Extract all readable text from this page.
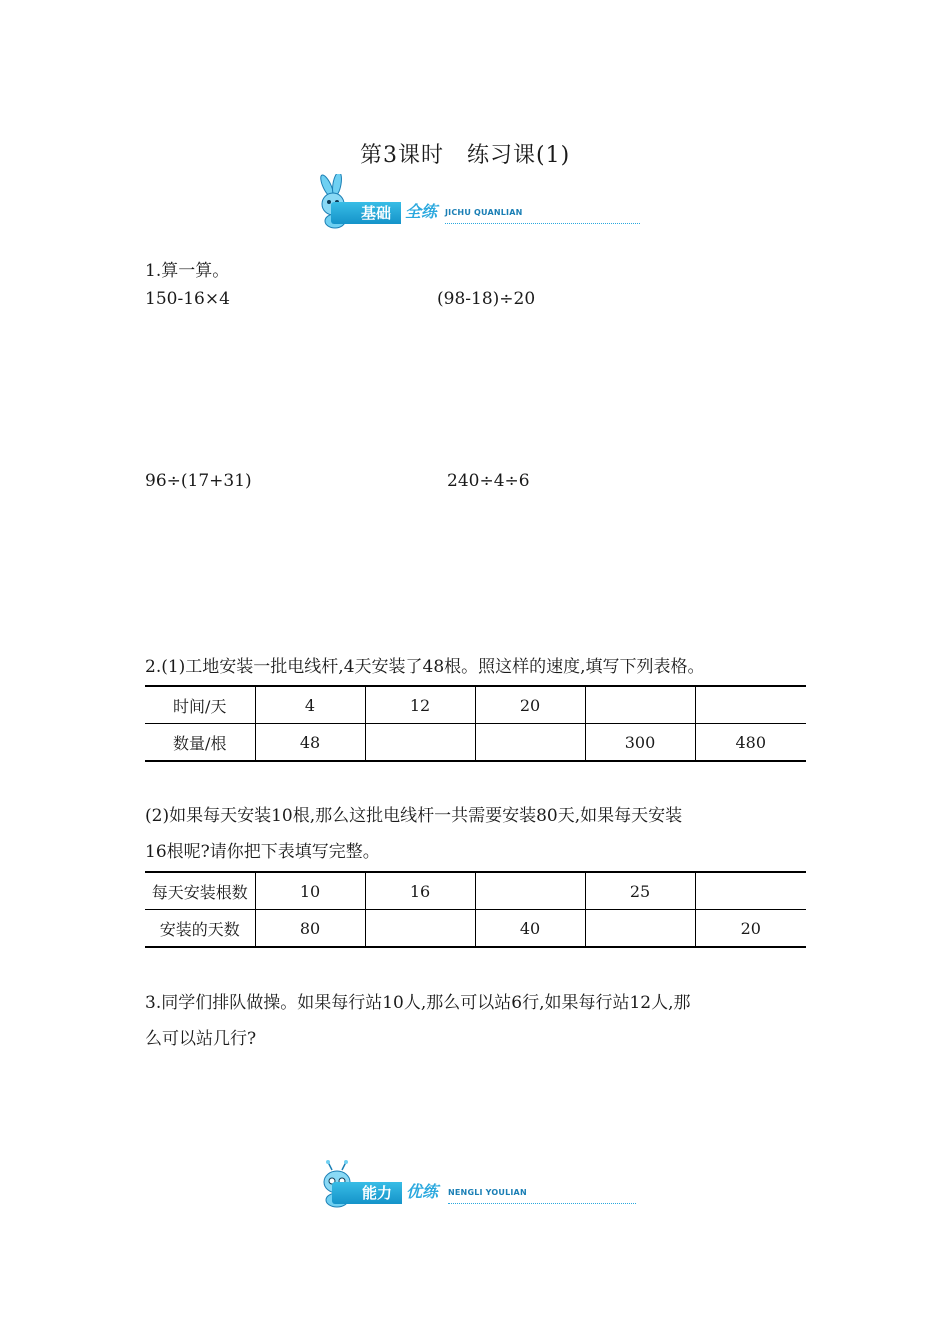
第3课时　练习课(1)
基础 全练 JICHU QUANLIAN
1.算一算。
150-16×4	(98-18)÷20
96÷(17+31)	240÷4÷6
2.(1)工地安装一批电线杆,4天安装了48根。照这样的速度,填写下列表格。
时间/天	4	12	20		
数量/根	48			300	480
(2)如果每天安装10根,那么这批电线杆一共需要安装80天,如果每天安装
16根呢?请你把下表填写完整。
每天安装根数	10	16		25	
安装的天数	80		40		20
3.同学们排队做操。如果每行站10人,那么可以站6行,如果每行站12人,那
么可以站几行?
能力 优练 NENGLI YOULIAN
